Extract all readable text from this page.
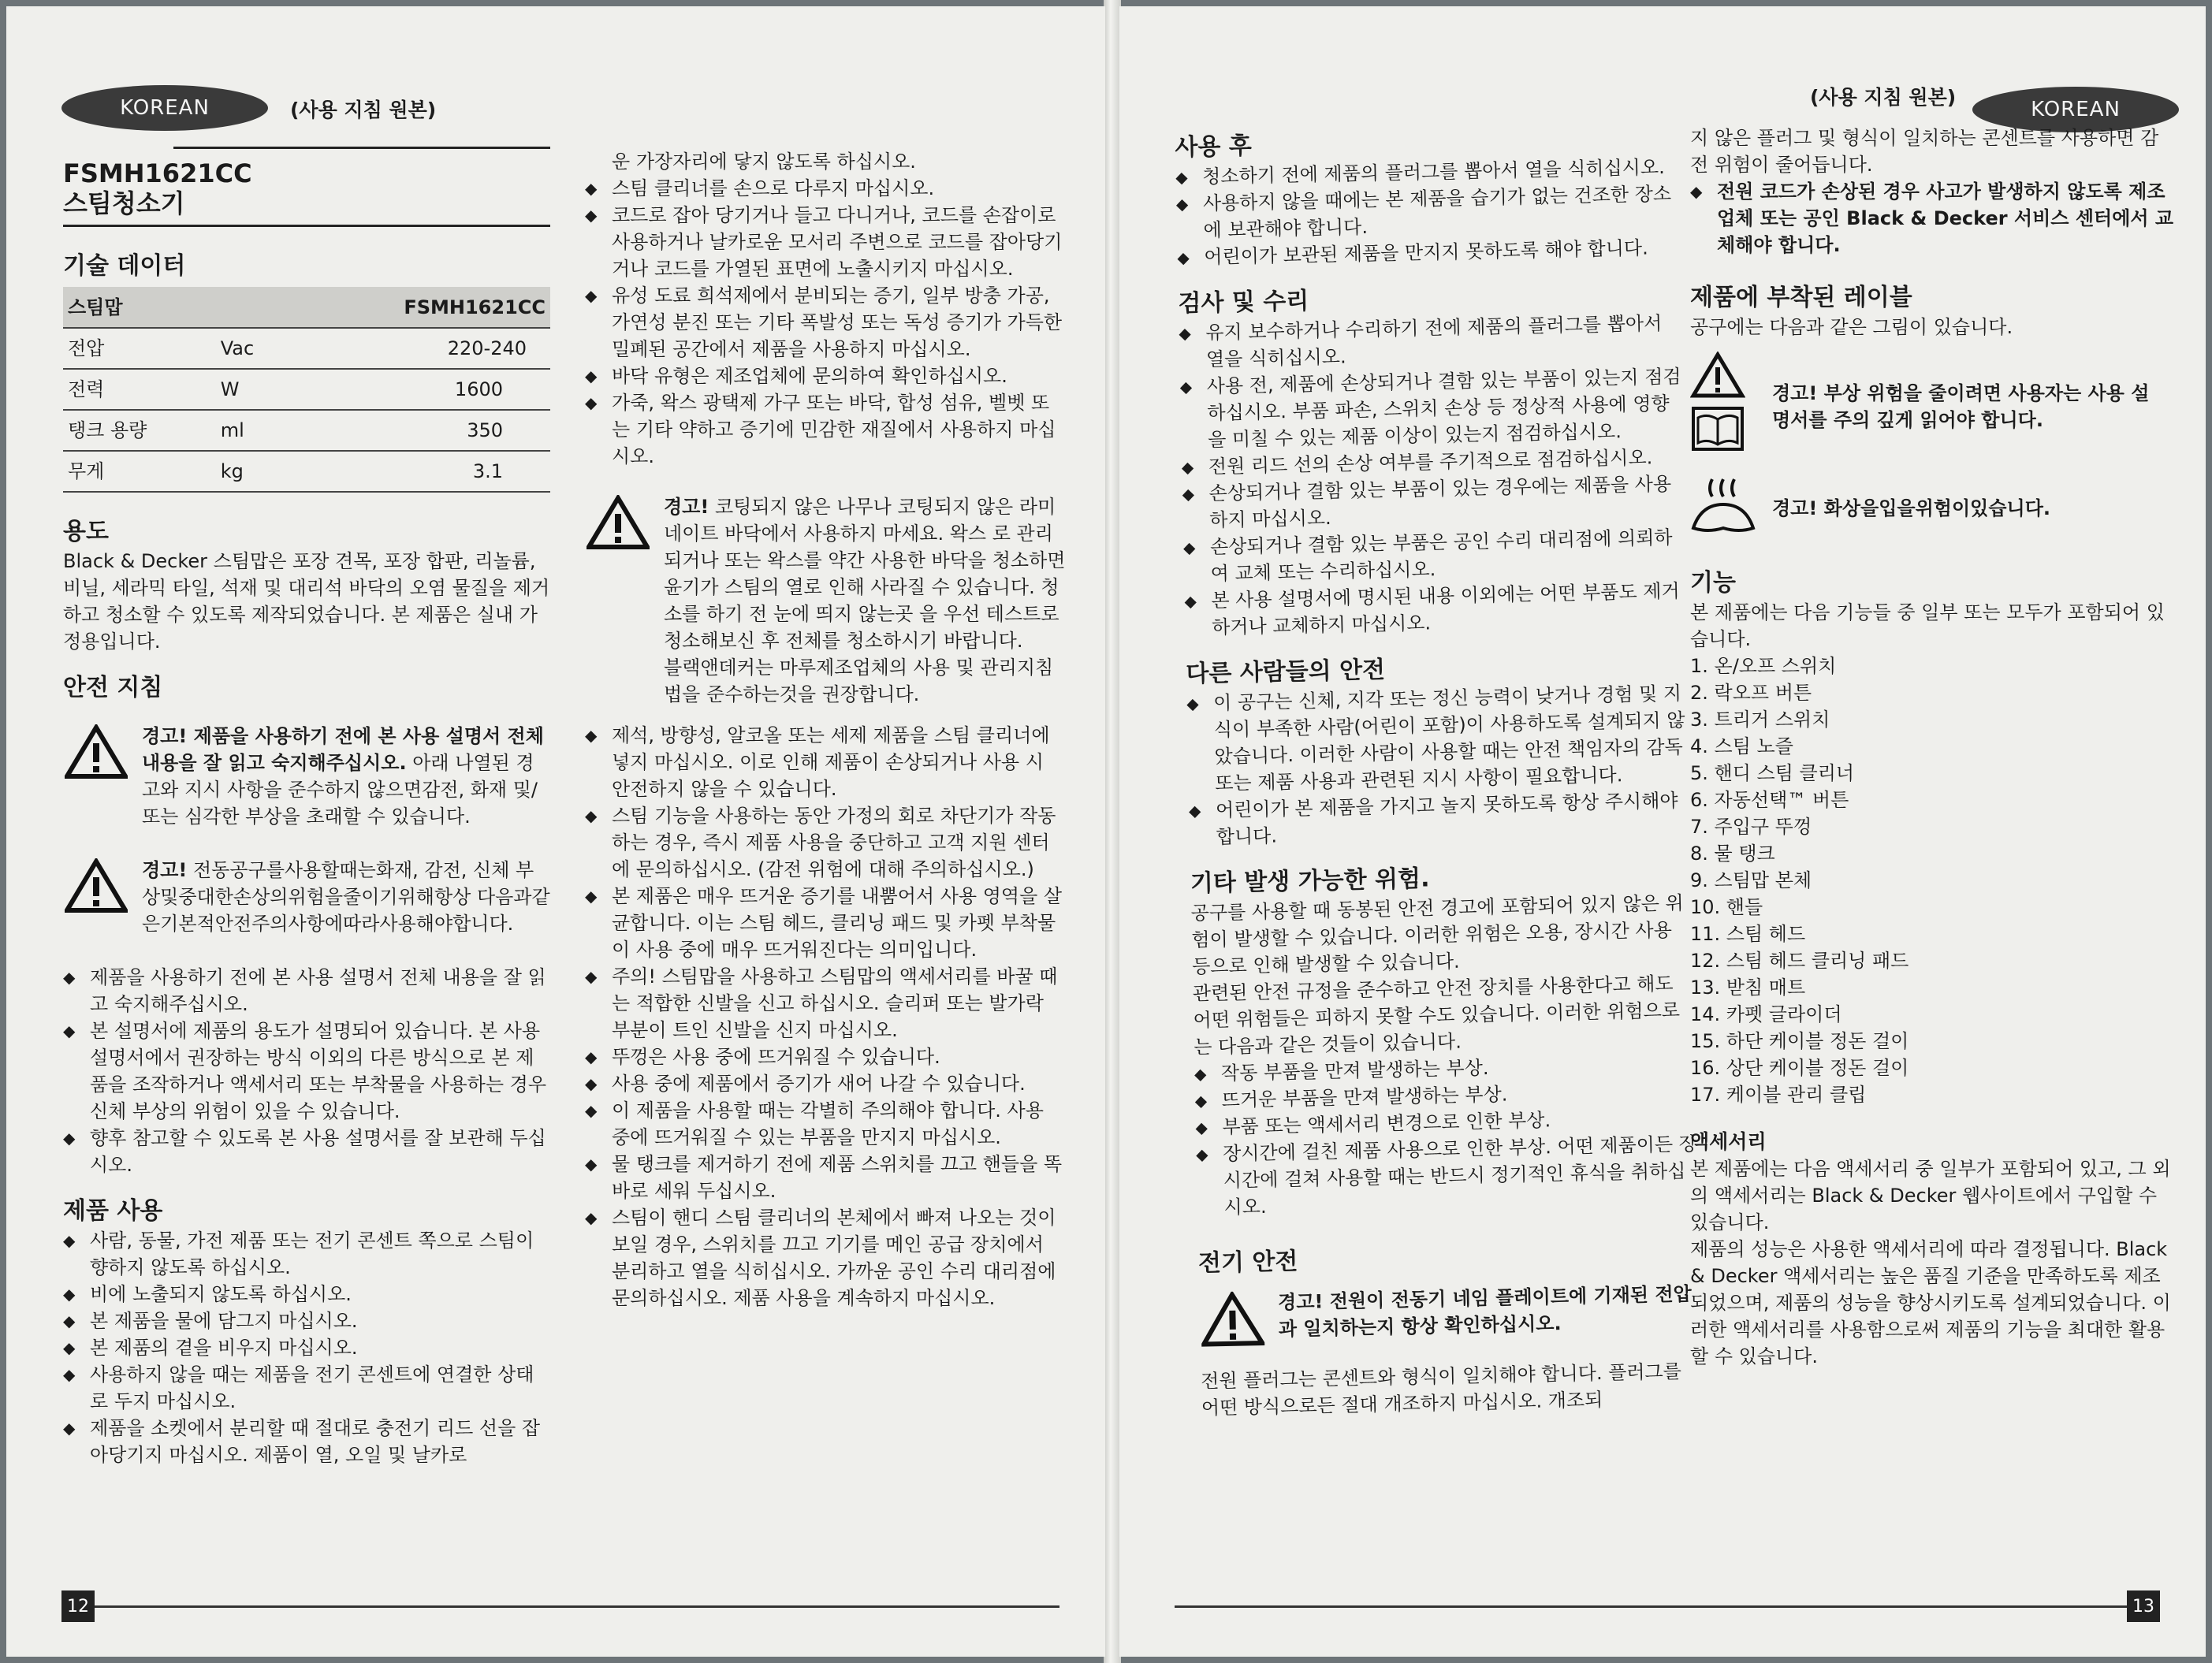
KOREAN	(사용 지침 원본)
FSMH1621CC
스팀청소기
기술 데이터
스팀맙		FSMH1621CC
전압	Vac	220-240
전력	W	1600
탱크 용량	ml	350
무게	kg	3.1
용도

Black & Decker 스팀맙은 포장 견목, 포장 합판, 리놀륨, 비닐, 세라믹 타일, 석재 및 대리석 바닥의 오염 물질을 제거하고 청소할 수 있도록 제작되었습니다. 본 제품은 실내 가정용입니다.

안전 지침

경고! 제품을 사용하기 전에 본 사용 설명서 전체 내용을 잘 읽고 숙지해주십시오. 아래 나열된 경고와 지시 사항을 준수하지 않으면감전, 화재 및/또는 심각한 부상을 초래할 수 있습니다.

경고! 전동공구를사용할때는화재, 감전, 신체 부상및중대한손상의위험을줄이기위해항상 다음과같은기본적안전주의사항에따라사용해야합니다.

◆ 제품을 사용하기 전에 본 사용 설명서 전체 내용을 잘 읽고 숙지해주십시오.

◆ 본 설명서에 제품의 용도가 설명되어 있습니다. 본 사용 설명서에서 권장하는 방식 이외의 다른 방식으로 본 제품을 조작하거나 액세서리 또는 부착물을 사용하는 경우 신체 부상의 위험이 있을 수 있습니다.

◆ 향후 참고할 수 있도록 본 사용 설명서를 잘 보관해 두십시오.

제품 사용

◆ 사람, 동물, 가전 제품 또는 전기 콘센트 쪽으로 스팀이 향하지 않도록 하십시오.

◆ 비에 노출되지 않도록 하십시오.

◆ 본 제품을 물에 담그지 마십시오.

◆ 본 제품의 곁을 비우지 마십시오.

◆ 사용하지 않을 때는 제품을 전기 콘센트에 연결한 상태로 두지 마십시오.

◆ 제품을 소켓에서 분리할 때 절대로 충전기 리드 선을 잡아당기지 마십시오. 제품이 열, 오일 및 날카로

운 가장자리에 닿지 않도록 하십시오.

◆ 스팀 클리너를 손으로 다루지 마십시오.

◆ 코드로 잡아 당기거나 들고 다니거나, 코드를 손잡이로 사용하거나 날카로운 모서리 주변으로 코드를 잡아당기거나 코드를 가열된 표면에 노출시키지 마십시오.

◆ 유성 도료 희석제에서 분비되는 증기, 일부 방충 가공, 가연성 분진 또는 기타 폭발성 또는 독성 증기가 가득한 밀폐된 공간에서 제품을 사용하지 마십시오.

◆ 바닥 유형은 제조업체에 문의하여 확인하십시오.

◆ 가죽, 왁스 광택제 가구 또는 바닥, 합성 섬유, 벨벳 또는 기타 약하고 증기에 민감한 재질에서 사용하지 마십시오.

경고! 코팅되지 않은 나무나 코팅되지 않은 라미네이트 바닥에서 사용하지 마세요. 왁스 로 관리되거나 또는 왁스를 약간 사용한 바닥을 청소하면 윤기가 스팀의 열로 인해 사라질 수 있습니다. 청소를 하기 전 눈에 띄지 않는곳 을 우선 테스트로 청소해보신 후 전체를 청소하시기 바랍니다.

블랙앤데커는 마루제조업체의 사용 및 관리지침법을 준수하는것을 권장합니다.

◆ 제석, 방향성, 알코올 또는 세제 제품을 스팀 클리너에 넣지 마십시오. 이로 인해 제품이 손상되거나 사용 시 안전하지 않을 수 있습니다.

◆ 스팀 기능을 사용하는 동안 가정의 회로 차단기가 작동하는 경우, 즉시 제품 사용을 중단하고 고객 지원 센터에 문의하십시오. (감전 위험에 대해 주의하십시오.)

◆ 본 제품은 매우 뜨거운 증기를 내뿜어서 사용 영역을 살균합니다. 이는 스팀 헤드, 클리닝 패드 및 카펫 부착물이 사용 중에 매우 뜨거워진다는 의미입니다.

◆ 주의! 스팀맙을 사용하고 스팀맙의 액세서리를 바꿀 때는 적합한 신발을 신고 하십시오. 슬리퍼 또는 발가락 부분이 트인 신발을 신지 마십시오.

◆ 뚜껑은 사용 중에 뜨거워질 수 있습니다.

◆ 사용 중에 제품에서 증기가 새어 나갈 수 있습니다.

◆ 이 제품을 사용할 때는 각별히 주의해야 합니다. 사용 중에 뜨거워질 수 있는 부품을 만지지 마십시오.

◆ 물 탱크를 제거하기 전에 제품 스위치를 끄고 핸들을 똑바로 세워 두십시오.

◆ 스팀이 핸디 스팀 클리너의 본체에서 빠져 나오는 것이 보일 경우, 스위치를 끄고 기기를 메인 공급 장치에서 분리하고 열을 식히십시오. 가까운 공인 수리 대리점에 문의하십시오. 제품 사용을 계속하지 마십시오.

12
(사용 지침 원본)
KOREAN
사용 후

◆ 청소하기 전에 제품의 플러그를 뽑아서 열을 식히십시오.

◆ 사용하지 않을 때에는 본 제품을 습기가 없는 건조한 장소에 보관해야 합니다.

◆ 어린이가 보관된 제품을 만지지 못하도록 해야 합니다.

검사 및 수리

◆ 유지 보수하거나 수리하기 전에 제품의 플러그를 뽑아서 열을 식히십시오.

◆ 사용 전, 제품에 손상되거나 결함 있는 부품이 있는지 점검하십시오. 부품 파손, 스위치 손상 등 정상적 사용에 영향을 미칠 수 있는 제품 이상이 있는지 점검하십시오.

◆ 전원 리드 선의 손상 여부를 주기적으로 점검하십시오.

◆ 손상되거나 결함 있는 부품이 있는 경우에는 제품을 사용하지 마십시오.

◆ 손상되거나 결함 있는 부품은 공인 수리 대리점에 의뢰하여 교체 또는 수리하십시오.

◆ 본 사용 설명서에 명시된 내용 이외에는 어떤 부품도 제거하거나 교체하지 마십시오.

다른 사람들의 안전

◆ 이 공구는 신체, 지각 또는 정신 능력이 낮거나 경험 및 지식이 부족한 사람(어린이 포함)이 사용하도록 설계되지 않았습니다. 이러한 사람이 사용할 때는 안전 책임자의 감독 또는 제품 사용과 관련된 지시 사항이 필요합니다.

◆ 어린이가 본 제품을 가지고 놀지 못하도록 항상 주시해야 합니다.

기타 발생 가능한 위험.

공구를 사용할 때 동봉된 안전 경고에 포함되어 있지 않은 위험이 발생할 수 있습니다. 이러한 위험은 오용, 장시간 사용 등으로 인해 발생할 수 있습니다.

관련된 안전 규정을 준수하고 안전 장치를 사용한다고 해도 어떤 위험들은 피하지 못할 수도 있습니다. 이러한 위험으로는 다음과 같은 것들이 있습니다.

◆ 작동 부품을 만져 발생하는 부상.

◆ 뜨거운 부품을 만져 발생하는 부상.

◆ 부품 또는 액세서리 변경으로 인한 부상.

◆ 장시간에 걸친 제품 사용으로 인한 부상. 어떤 제품이든 장시간에 걸쳐 사용할 때는 반드시 정기적인 휴식을 취하십시오.

전기 안전

경고! 전원이 전동기 네임 플레이트에 기재된 전압과 일치하는지 항상 확인하십시오.

전원 플러그는 콘센트와 형식이 일치해야 합니다. 플러그를 어떤 방식으로든 절대 개조하지 마십시오. 개조되

지 않은 플러그 및 형식이 일치하는 콘센트를 사용하면 감전 위험이 줄어듭니다.

◆ 전원 코드가 손상된 경우 사고가 발생하지 않도록 제조업체 또는 공인 Black & Decker 서비스 센터에서 교체해야 합니다.

제품에 부착된 레이블

공구에는 다음과 같은 그림이 있습니다.

경고! 부상 위험을 줄이려면 사용자는 사용 설명서를 주의 깊게 읽어야 합니다.

경고! 화상을입을위험이있습니다.

기능

본 제품에는 다음 기능들 중 일부 또는 모두가 포함되어 있습니다.

1. 온/오프 스위치

2. 락오프 버튼

3. 트리거 스위치

4. 스팀 노즐

5. 핸디 스팀 클리너

6. 자동선택™ 버튼

7. 주입구 뚜껑

8. 물 탱크

9. 스팀맙 본체

10. 핸들

11. 스팀 헤드

12. 스팀 헤드 클리닝 패드

13. 받침 매트

14. 카펫 글라이더

15. 하단 케이블 정돈 걸이

16. 상단 케이블 정돈 걸이

17. 케이블 관리 클립

액세서리

본 제품에는 다음 액세서리 중 일부가 포함되어 있고, 그 외의 액세서리는 Black & Decker 웹사이트에서 구입할 수 있습니다.

제품의 성능은 사용한 액세서리에 따라 결정됩니다. Black & Decker 액세서리는 높은 품질 기준을 만족하도록 제조되었으며, 제품의 성능을 향상시키도록 설계되었습니다. 이러한 액세서리를 사용함으로써 제품의 기능을 최대한 활용할 수 있습니다.

13
